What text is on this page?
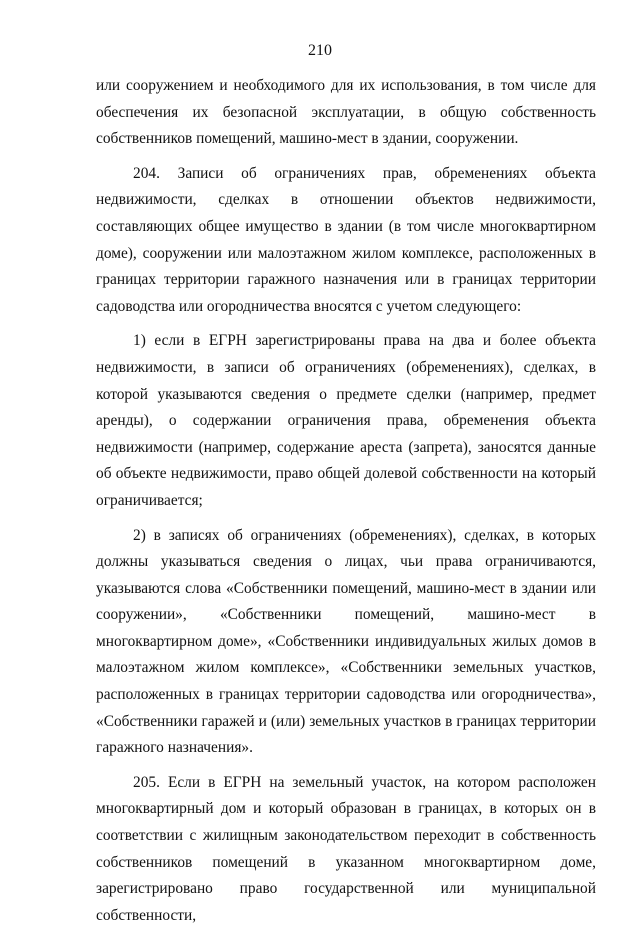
210

или сооружением и необходимого для их использования, в том числе для обеспечения их безопасной эксплуатации, в общую собственность собственников помещений, машино-мест в здании, сооружении.

204. Записи об ограничениях прав, обременениях объекта недвижимости, сделках в отношении объектов недвижимости, составляющих общее имущество в здании (в том числе многоквартирном доме), сооружении или малоэтажном жилом комплексе, расположенных в границах территории гаражного назначения или в границах территории садоводства или огородничества вносятся с учетом следующего:

1) если в ЕГРН зарегистрированы права на два и более объекта недвижимости, в записи об ограничениях (обременениях), сделках, в которой указываются сведения о предмете сделки (например, предмет аренды), о содержании ограничения права, обременения объекта недвижимости (например, содержание ареста (запрета), заносятся данные об объекте недвижимости, право общей долевой собственности на который ограничивается;

2) в записях об ограничениях (обременениях), сделках, в которых должны указываться сведения о лицах, чьи права ограничиваются, указываются слова «Собственники помещений, машино-мест в здании или сооружении», «Собственники помещений, машино-мест в многоквартирном доме», «Собственники индивидуальных жилых домов в малоэтажном жилом комплексе», «Собственники земельных участков, расположенных в границах территории садоводства или огородничества», «Собственники гаражей и (или) земельных участков в границах территории гаражного назначения».

205. Если в ЕГРН на земельный участок, на котором расположен многоквартирный дом и который образован в границах, в которых он в соответствии с жилищным законодательством переходит в собственность собственников помещений в указанном многоквартирном доме, зарегистрировано право государственной или муниципальной собственности,
